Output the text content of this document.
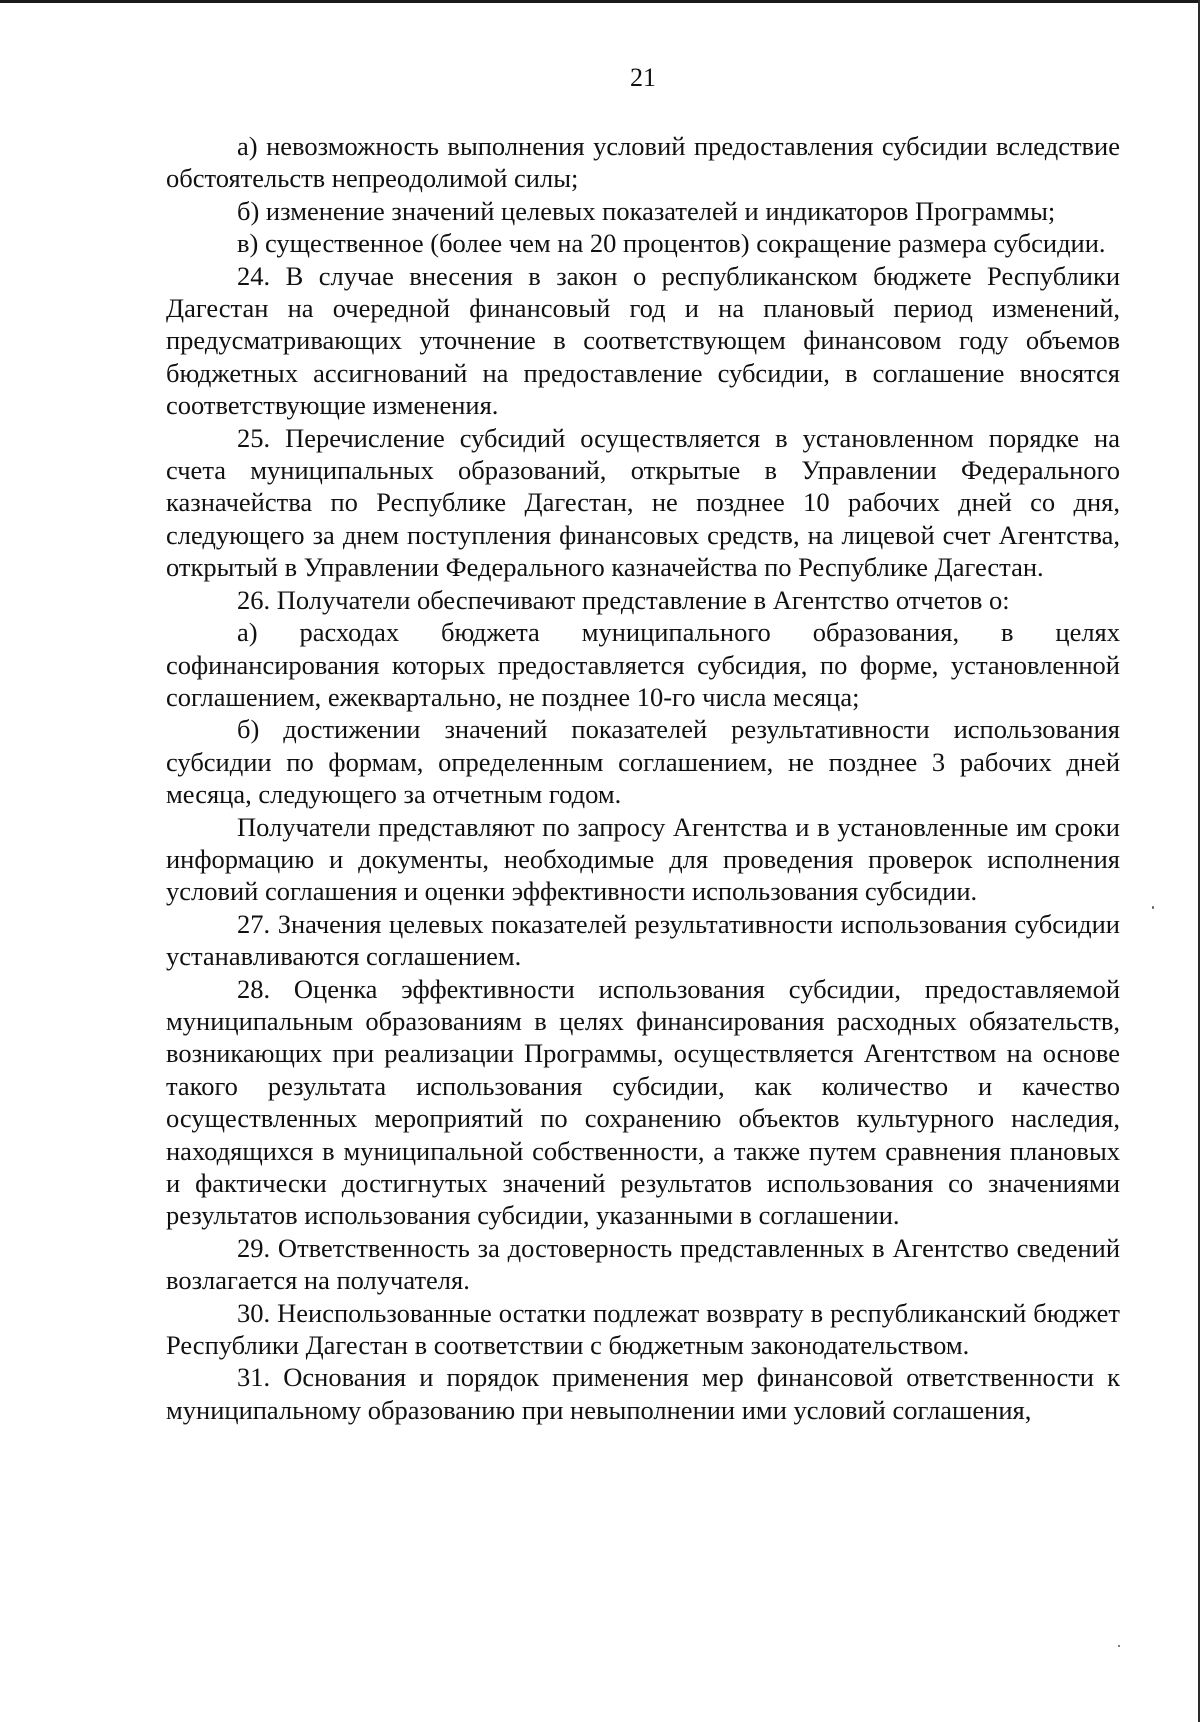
21

а) невозможность выполнения условий предоставления субсидии вследствие обстоятельств непреодолимой силы;

б) изменение значений целевых показателей и индикаторов Программы;

в) существенное (более чем на 20 процентов) сокращение размера субсидии.

24. В случае внесения в закон о республиканском бюджете Республики Дагестан на очередной финансовый год и на плановый период изменений, предусматривающих уточнение в соответствующем финансовом году объемов бюджетных ассигнований на предоставление субсидии, в соглашение вносятся соответствующие изменения.

25. Перечисление субсидий осуществляется в установленном порядке на счета муниципальных образований, открытые в Управлении Федерального казначейства по Республике Дагестан, не позднее 10 рабочих дней со дня, следующего за днем поступления финансовых средств, на лицевой счет Агентства, открытый в Управлении Федерального казначейства по Республике Дагестан.

26. Получатели обеспечивают представление в Агентство отчетов о:

а) расходах бюджета муниципального образования, в целях софинансирования которых предоставляется субсидия, по форме, установленной соглашением, ежеквартально, не позднее 10-го числа месяца;

б) достижении значений показателей результативности использования субсидии по формам, определенным соглашением, не позднее 3 рабочих дней месяца, следующего за отчетным годом.

Получатели представляют по запросу Агентства и в установленные им сроки информацию и документы, необходимые для проведения проверок исполнения условий соглашения и оценки эффективности использования субсидии.

27. Значения целевых показателей результативности использования субсидии устанавливаются соглашением.

28. Оценка эффективности использования субсидии, предоставляемой муниципальным образованиям в целях финансирования расходных обязательств, возникающих при реализации Программы, осуществляется Агентством на основе такого результата использования субсидии, как количество и качество осуществленных мероприятий по сохранению объектов культурного наследия, находящихся в муниципальной собственности, а также путем сравнения плановых и фактически достигнутых значений результатов использования со значениями результатов использования субсидии, указанными в соглашении.

29. Ответственность за достоверность представленных в Агентство сведений возлагается на получателя.

30. Неиспользованные остатки подлежат возврату в республиканский бюджет Республики Дагестан в соответствии с бюджетным законодательством.

31. Основания и порядок применения мер финансовой ответственности к муниципальному образованию при невыполнении ими условий соглашения,
